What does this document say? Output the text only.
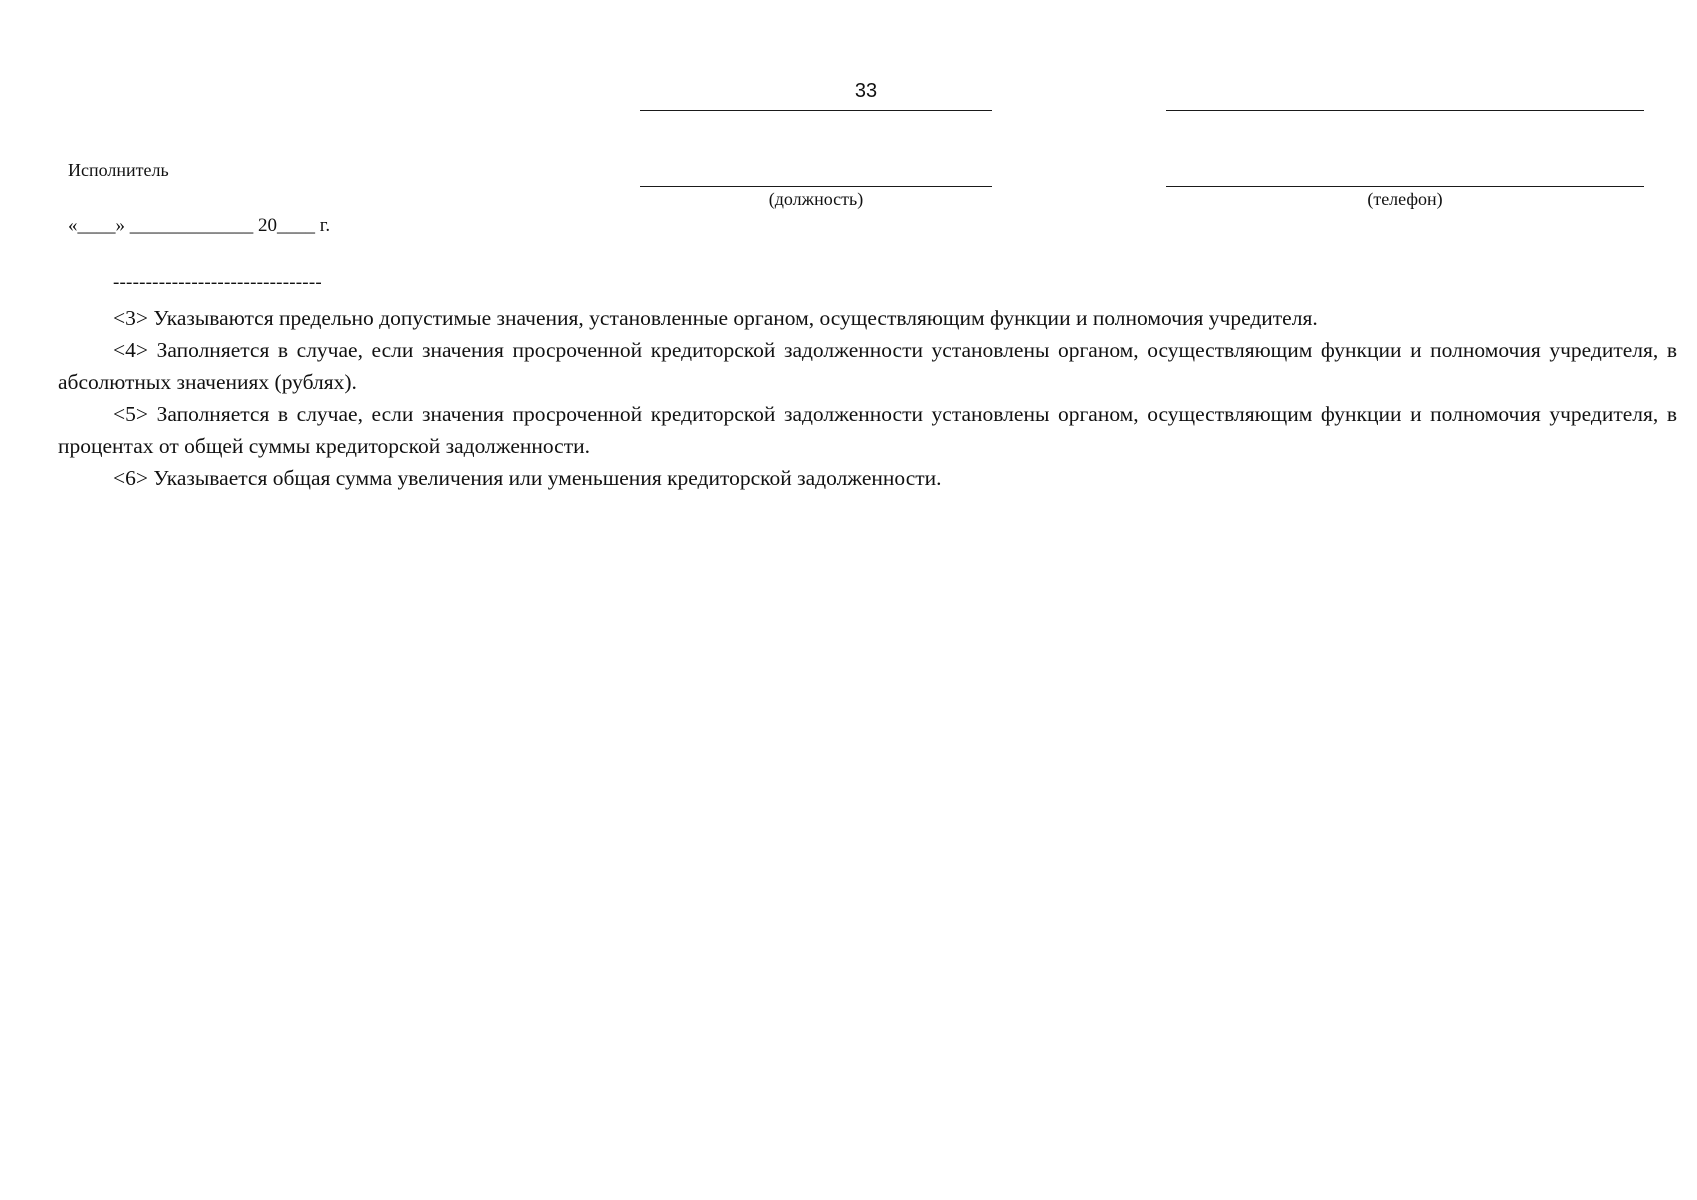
33
Исполнитель
(должность)	(телефон)
«____» _____________ 20____ г.
--------------------------------

<3> Указываются предельно допустимые значения, установленные органом, осуществляющим функции и полномочия учредителя.

<4> Заполняется в случае, если значения просроченной кредиторской задолженности установлены органом, осуществляющим функции и полномочия учредителя, в абсолютных значениях (рублях).

<5> Заполняется в случае, если значения просроченной кредиторской задолженности установлены органом, осуществляющим функции и полномочия учредителя, в процентах от общей суммы кредиторской задолженности.

<6> Указывается общая сумма увеличения или уменьшения кредиторской задолженности.
